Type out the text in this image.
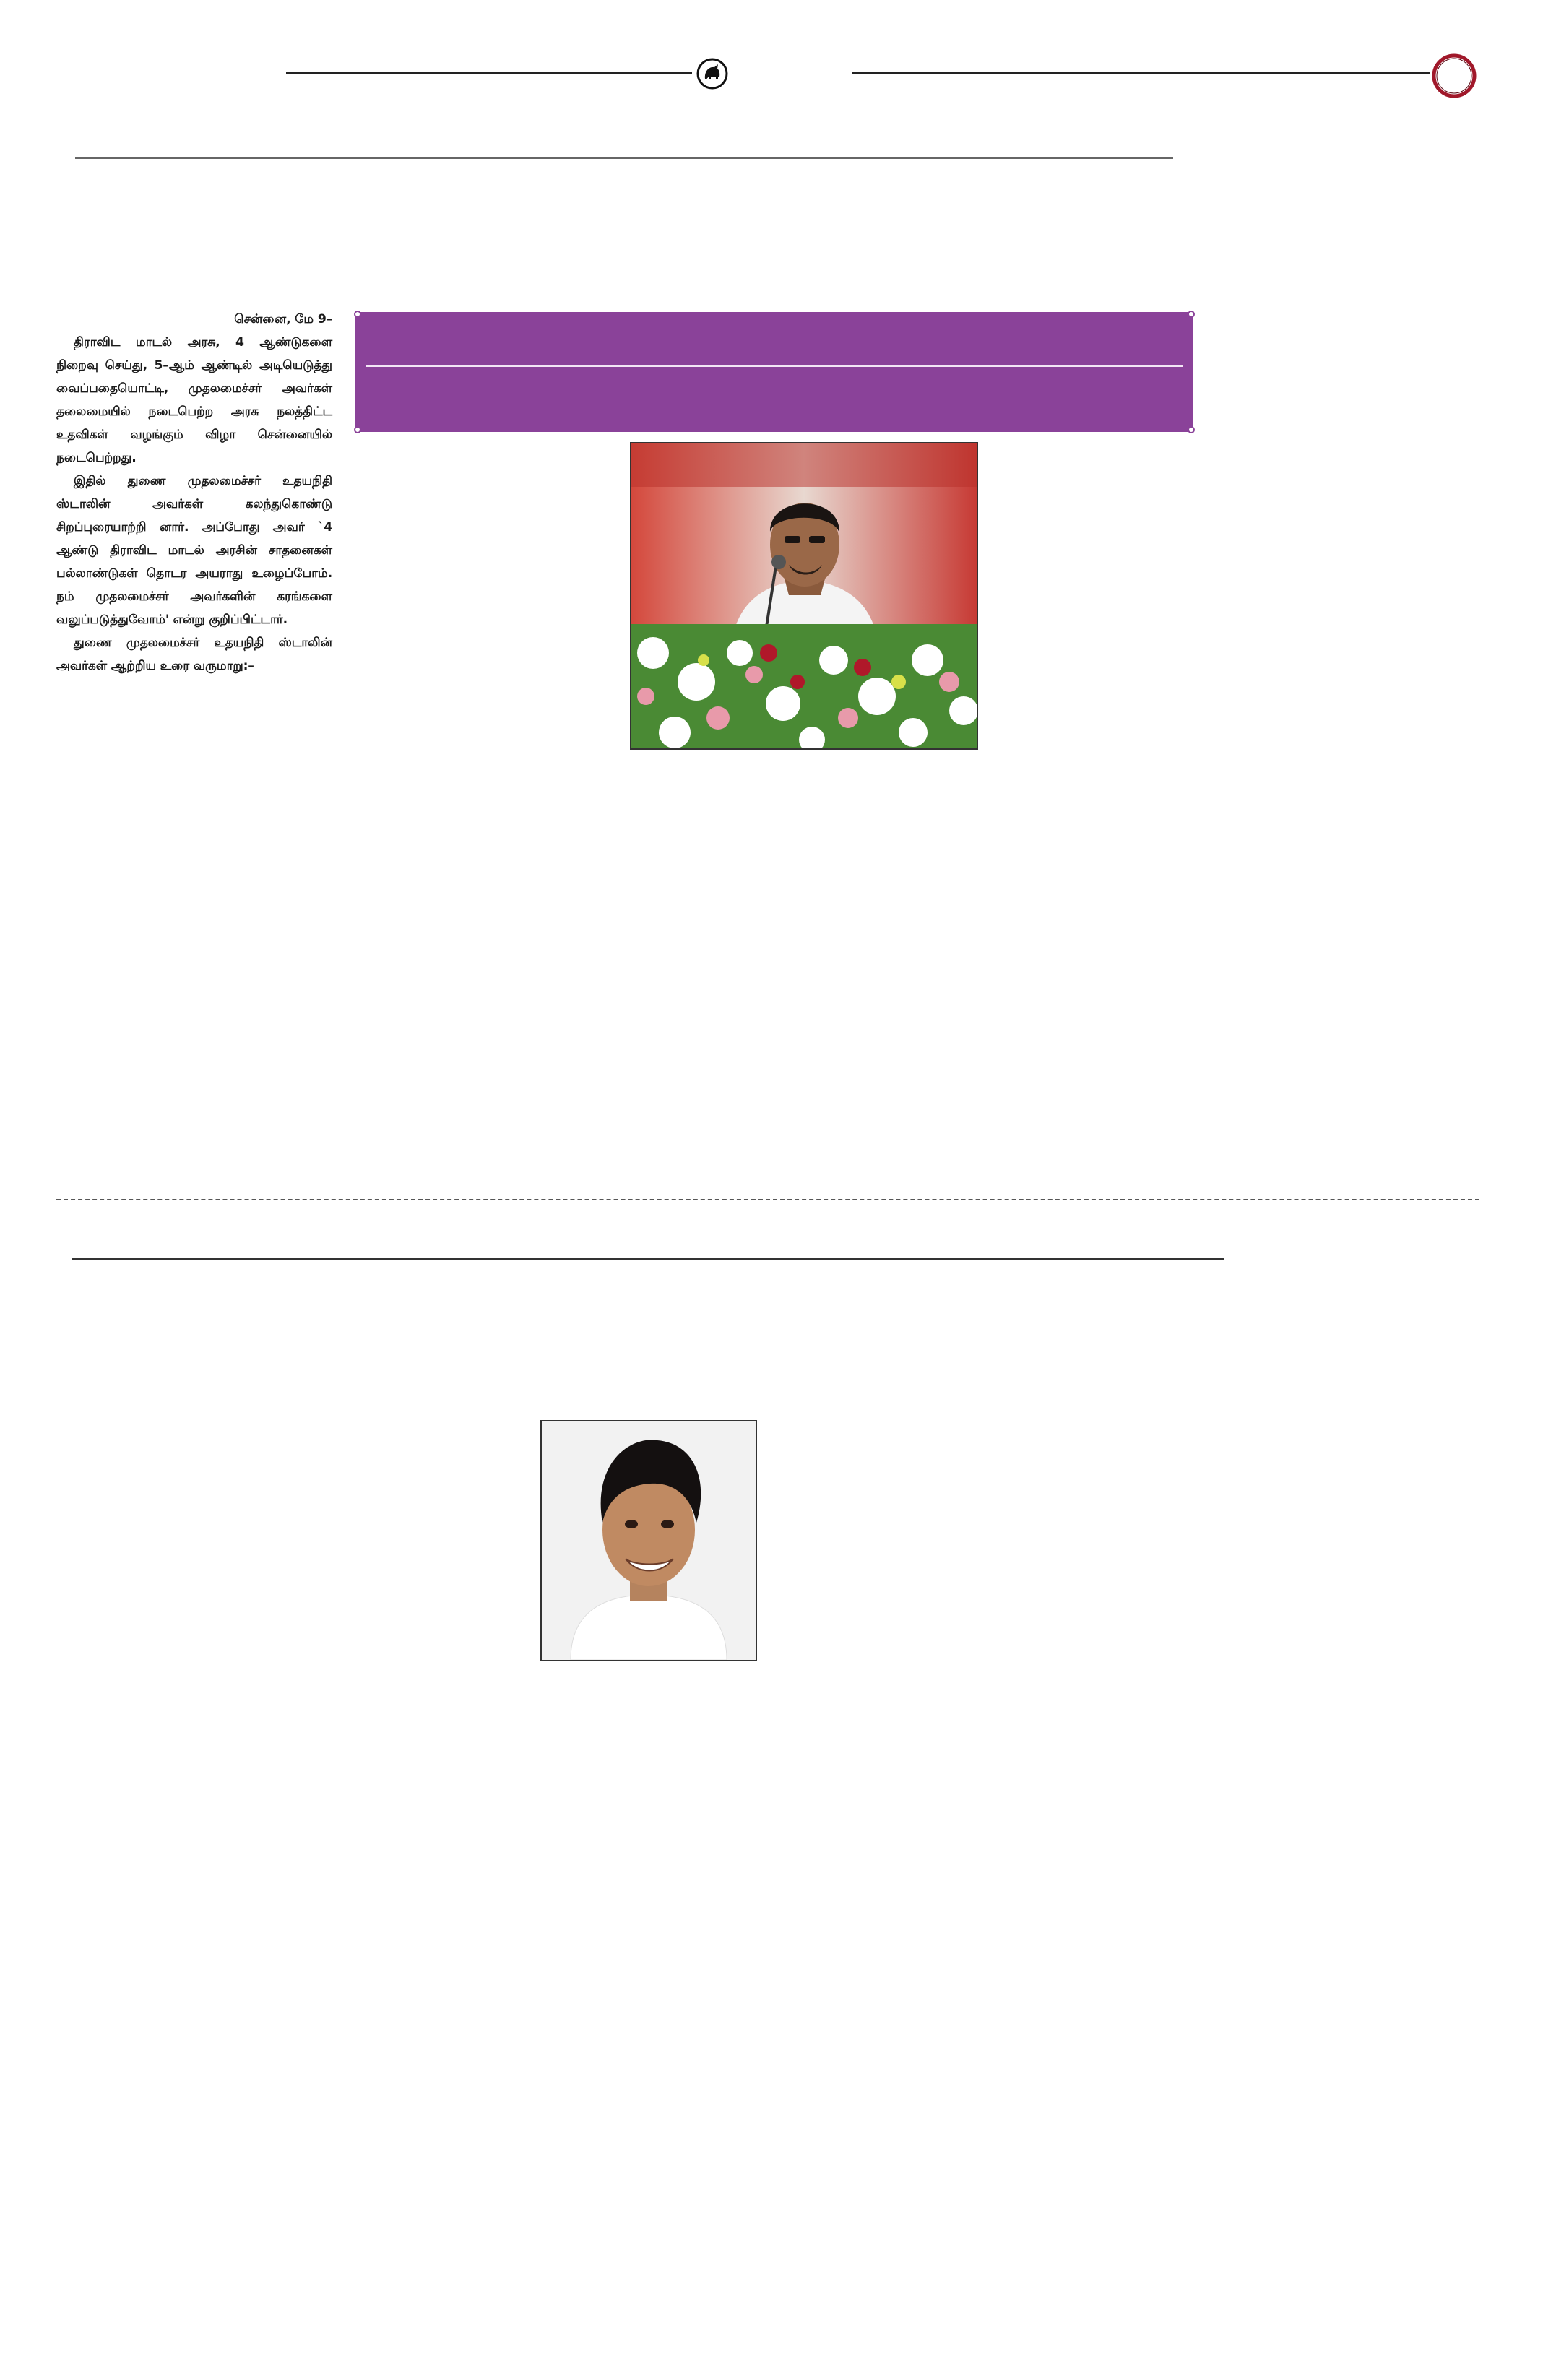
சென்னை, மே 9–

திராவிட மாடல் அரசு, 4 ஆண்டுகளை நிறைவு செய்து, 5–ஆம் ஆண்டில் அடியெடுத்து வைப்பதையொட்டி, முதலமைச்சர் அவர்கள் தலைமையில் நடைபெற்ற அரசு நலத்திட்ட உதவிகள் வழங்கும் விழா சென்னையில் நடைபெற்றது.

இதில் துணை முதலமைச்சர் உதயநிதி ஸ்டாலின் அவர்கள் கலந்துகொண்டு சிறப்புரையாற்றி னார். அப்போது அவர் `4 ஆண்டு திராவிட மாடல் அரசின் சாதனைகள் பல்லாண்டுகள் தொடர அயராது உழைப்போம். நம் முதலமைச்சர் அவர்களின் கரங்களை வலுப்படுத்துவோம்' என்று குறிப்பிட்டார்.

துணை முதலமைச்சர் உதயநிதி ஸ்டாலின் அவர்கள் ஆற்றிய உரை வருமாறு:–
